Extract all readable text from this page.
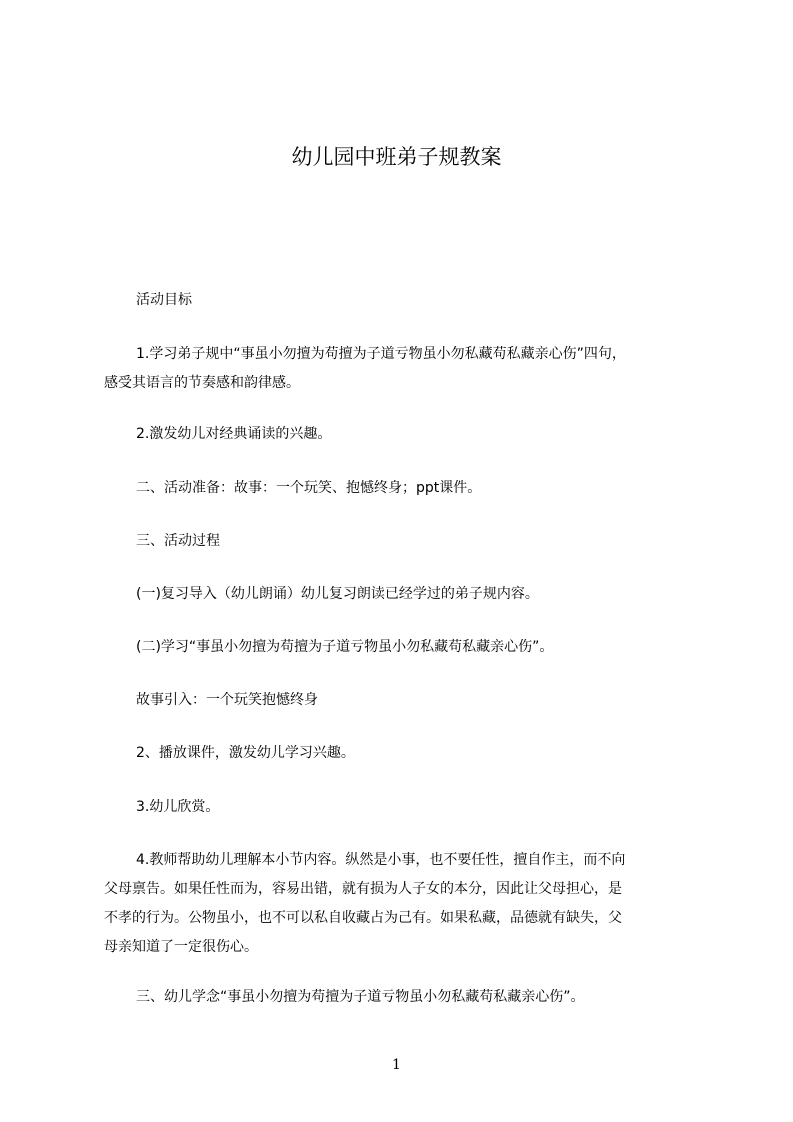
幼儿园中班弟子规教案

活动目标

1.学习弟子规中“事虽小勿擅为苟擅为子道亏物虽小勿私藏苟私藏亲心伤”四句，
感受其语言的节奏感和韵律感。

2.激发幼儿对经典诵读的兴趣。

二、活动准备：故事：一个玩笑、抱憾终身；ppt课件。

三、活动过程

(一)复习导入（幼儿朗诵）幼儿复习朗读已经学过的弟子规内容。

(二)学习“事虽小勿擅为苟擅为子道亏物虽小勿私藏苟私藏亲心伤”。

故事引入：一个玩笑抱憾终身

2、播放课件，激发幼儿学习兴趣。

3.幼儿欣赏。

4.教师帮助幼儿理解本小节内容。纵然是小事，也不要任性，擅自作主，而不向
父母禀告。如果任性而为，容易出错，就有损为人子女的本分，因此让父母担心，是
不孝的行为。公物虽小，也不可以私自收藏占为己有。如果私藏，品德就有缺失，父
母亲知道了一定很伤心。

三、幼儿学念“事虽小勿擅为苟擅为子道亏物虽小勿私藏苟私藏亲心伤”。

1
